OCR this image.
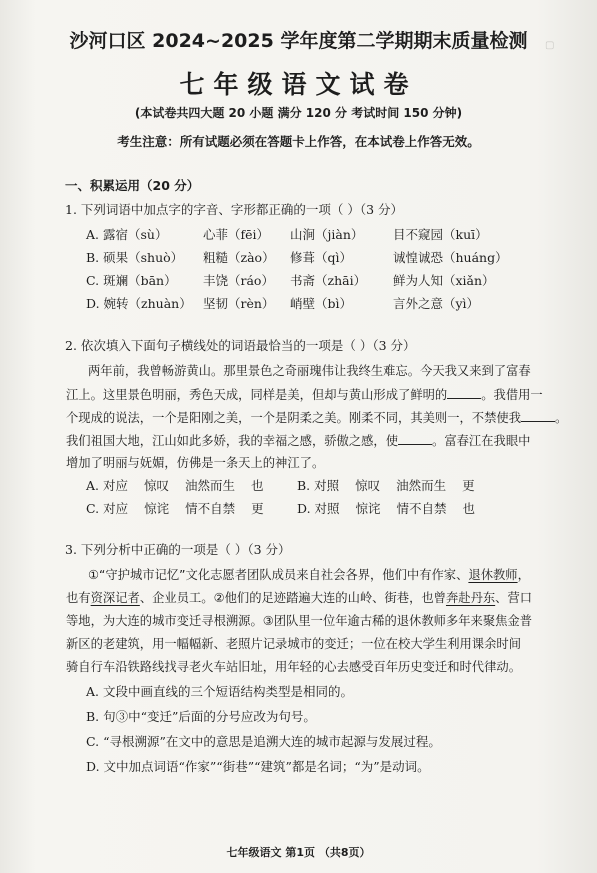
▢
沙河口区 2024~2025 学年度第二学期期末质量检测
七年级语文试卷
(本试卷共四大题 20 小题 满分 120 分 考试时间 150 分钟)
考生注意：所有试题必须在答题卡上作答，在本试卷上作答无效。
一、积累运用（20 分）
1. 下列词语中加点字的字音、字形都正确的一项（ ）（3 分）
A. 露宿（sù）	心菲（fēi） 山涧（jiàn） 目不窥园（kuī）
B. 硕果（shuò） 粗糙（zào） 修葺（qì）	诚惶诚恐（huáng）
C. 斑斓（bān） 丰饶（ráo） 书斋（zhāi） 鲜为人知（xiǎn）
D. 婉转（zhuàn） 坚韧（rèn） 峭壁（bì）	言外之意（yì）
2. 依次填入下面句子横线处的词语最恰当的一项是（ ）（3 分）
两年前，我曾畅游黄山。那里景色之奇丽瑰伟让我终生难忘。今天我又来到了富春
江上。这里景色明丽，秀色天成，同样是美，但却与黄山形成了鲜明的	。我借用一
个现成的说法，一个是阳刚之美，一个是阴柔之美。刚柔不同，其美则一，不禁使我	。
我们祖国大地，江山如此多娇，我的幸福之感，骄傲之感，使	。富春江在我眼中
增加了明丽与妩媚，仿佛是一条天上的神江了。
A. 对应 惊叹 油然而生 也	B. 对照 惊叹 油然而生 更
C. 对应 惊诧 情不自禁 更	D. 对照 惊诧 情不自禁 也
3. 下列分析中正确的一项是（ ）（3 分）
①“守护城市记忆”文化志愿者团队成员来自社会各界，他们中有作家、退休教师，
也有资深记者、企业员工。②他们的足迹踏遍大连的山岭、街巷，也曾奔赴丹东、营口
等地，为大连的城市变迁寻根溯源。③团队里一位年逾古稀的退休教师多年来聚焦金普
新区的老建筑，用一幅幅新、老照片记录城市的变迁；一位在校大学生利用课余时间
骑自行车沿铁路线找寻老火车站旧址，用年轻的心去感受百年历史变迁和时代律动。
A. 文段中画直线的三个短语结构类型是相同的。
B. 句③中“变迁”后面的分号应改为句号。
C. “寻根溯源”在文中的意思是追溯大连的城市起源与发展过程。
D. 文中加点词语“作家”“街巷”“建筑”都是名词；“为”是动词。
七年级语文 第1页 （共8页）
